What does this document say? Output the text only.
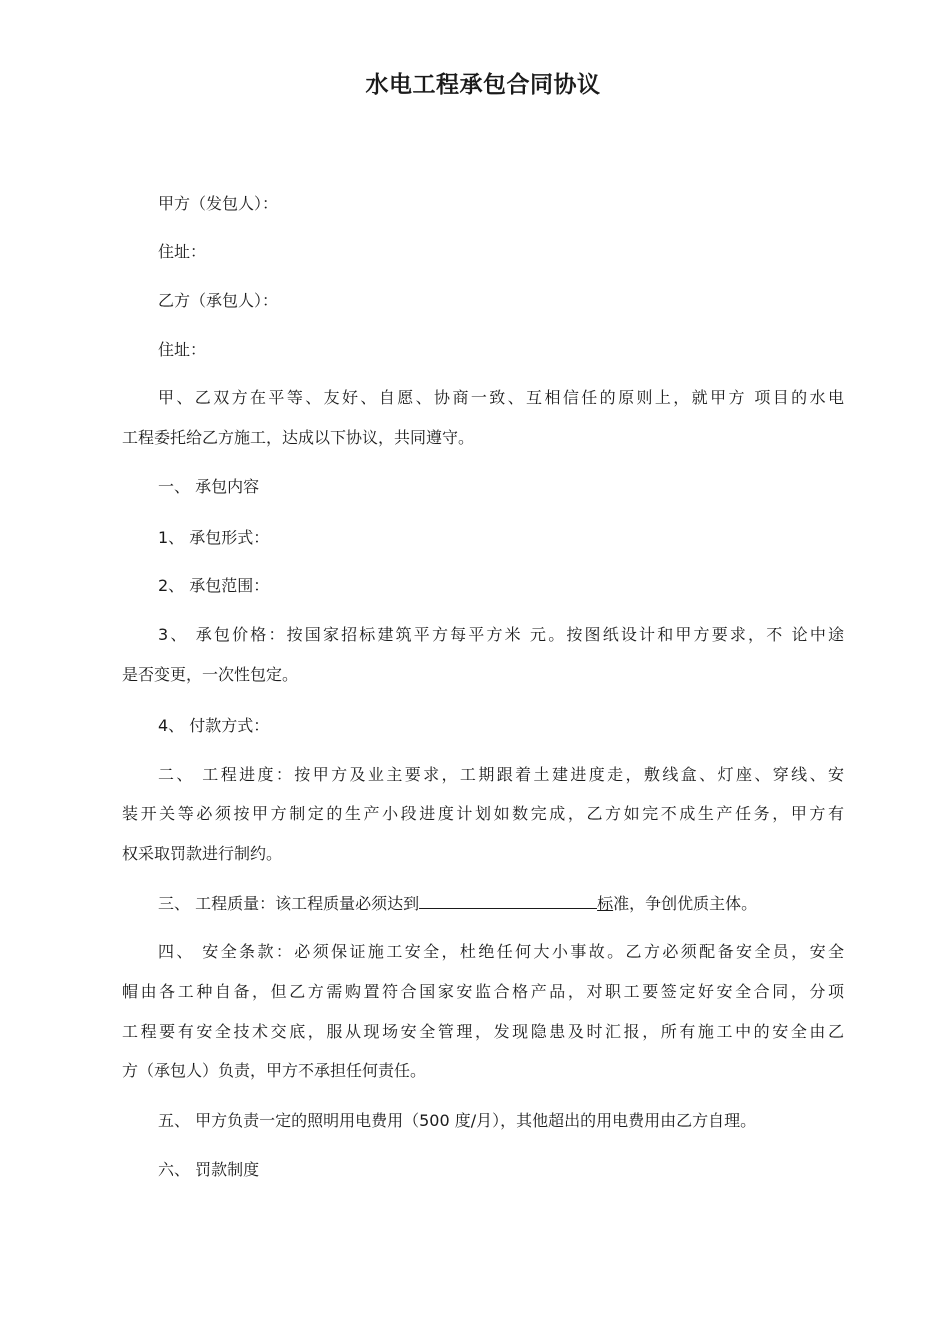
水电工程承包合同协议

甲方（发包人）：

住址：

乙方（承包人）：

住址：

甲、乙双方在平等、友好、自愿、协商一致、互相信任的原则上，就甲方 项目的水电

工程委托给乙方施工，达成以下协议，共同遵守。

一、 承包内容

1、 承包形式：

2、 承包范围：

3、 承包价格：按国家招标建筑平方每平方米 元。按图纸设计和甲方要求，不 论中途

是否变更，一次性包定。

4、 付款方式：

二、 工程进度：按甲方及业主要求，工期跟着土建进度走，敷线盒、灯座、穿线、安

装开关等必须按甲方制定的生产小段进度计划如数完成，乙方如完不成生产任务，甲方有

权采取罚款进行制约。

三、 工程质量：该工程质量必须达到	标准，争创优质主体。

四、 安全条款：必须保证施工安全，杜绝任何大小事故。乙方必须配备安全员，安全

帽由各工种自备，但乙方需购置符合国家安监合格产品，对职工要签定好安全合同，分项

工程要有安全技术交底，服从现场安全管理，发现隐患及时汇报，所有施工中的安全由乙

方（承包人）负责，甲方不承担任何责任。

五、 甲方负责一定的照明用电费用（500 度/月），其他超出的用电费用由乙方自理。

六、 罚款制度
